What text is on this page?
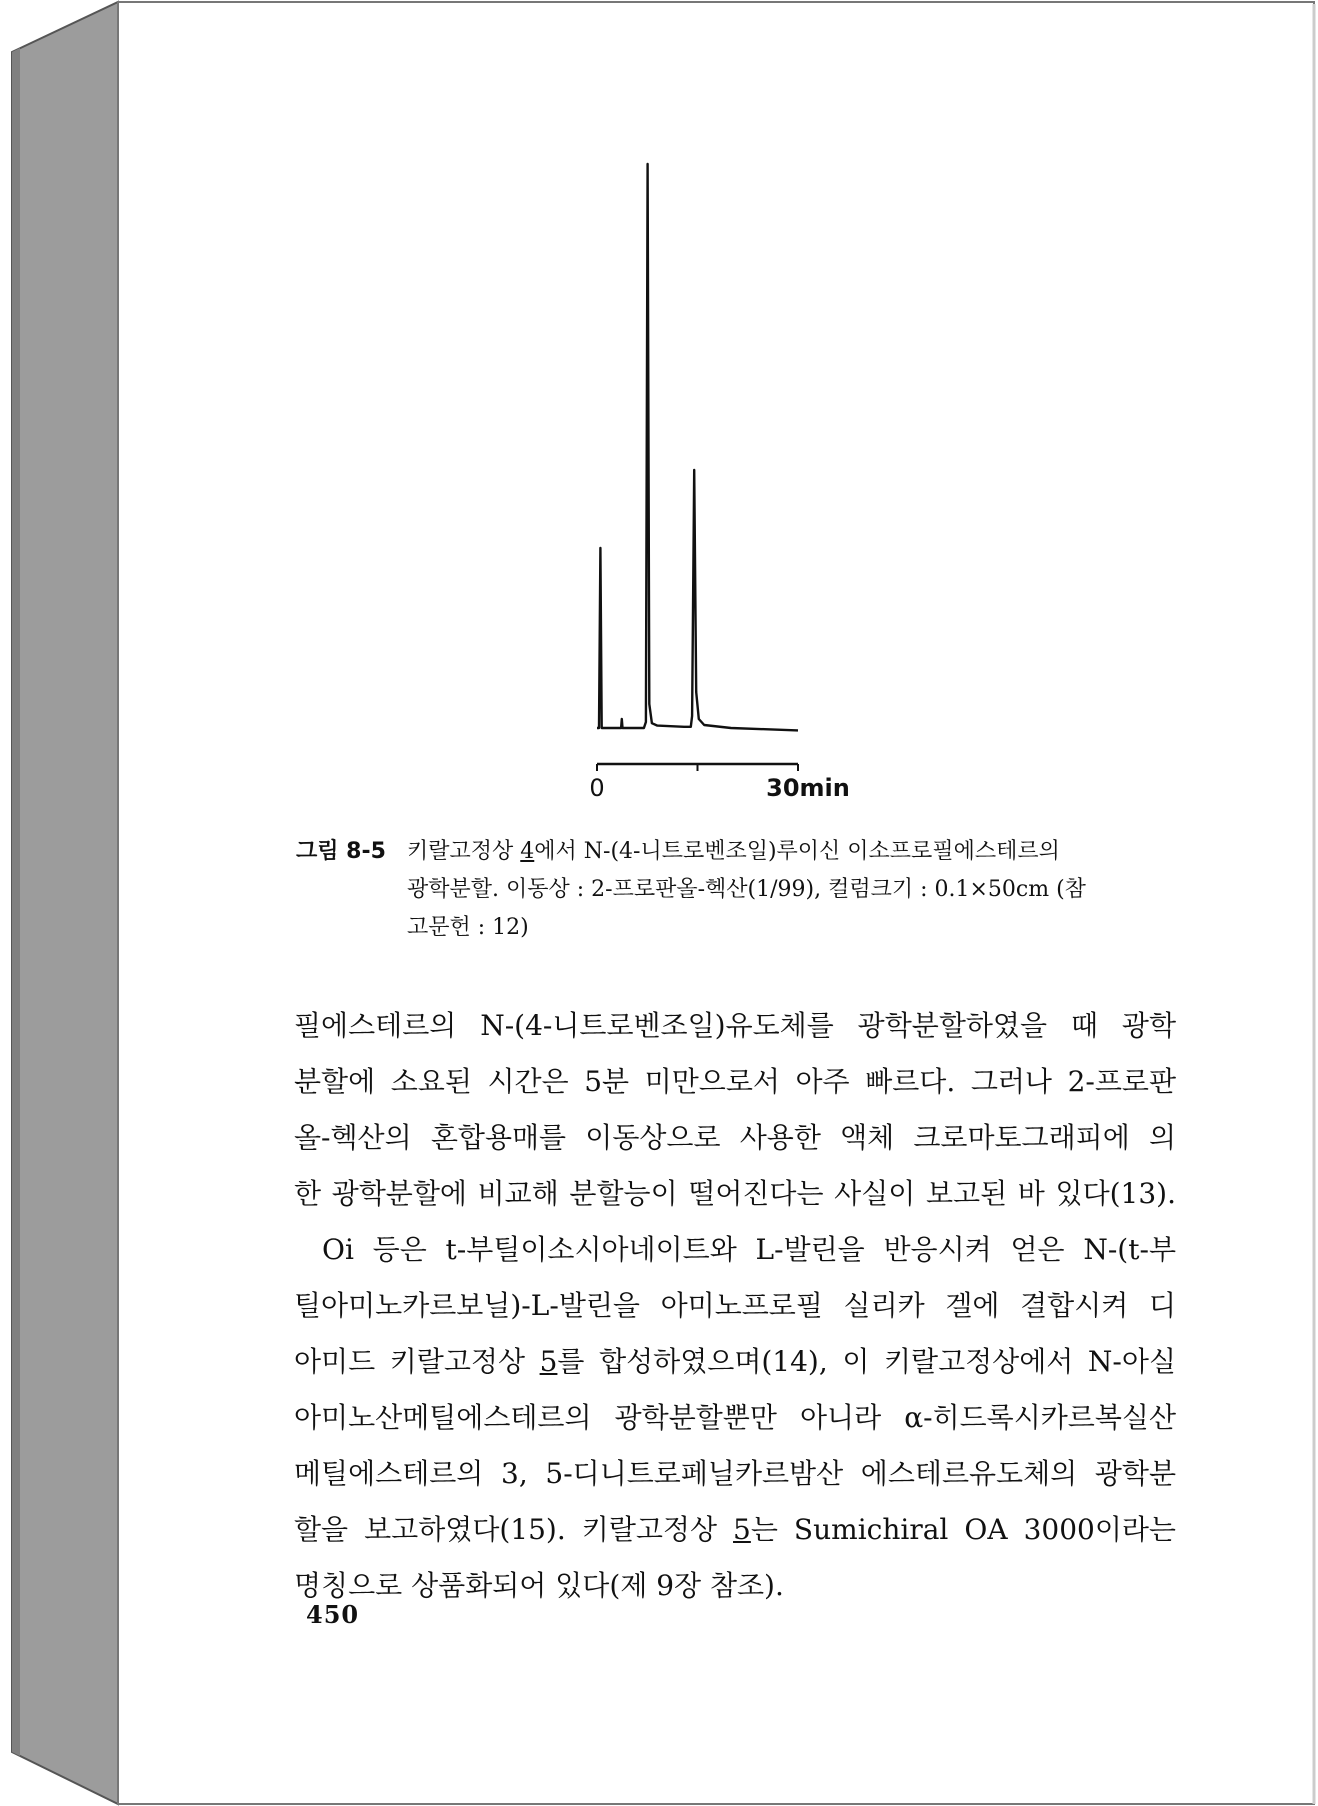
0	30min
그림 8-5 키랄고정상 4에서 N-(4-니트로벤조일)루이신 이소프로필에스테르의
광학분할. 이동상 : 2-프로판올-헥산(1/99), 컬럼크기 : 0.1×50cm (참
고문헌 : 12)
필에스테르의 N-(4-니트로벤조일)유도체를 광학분할하였을 때 광학
분할에 소요된 시간은 5분 미만으로서 아주 빠르다. 그러나 2-프로판
올-헥산의 혼합용매를 이동상으로 사용한 액체 크로마토그래피에 의
한 광학분할에 비교해 분할능이 떨어진다는 사실이 보고된 바 있다(13).
Oi 등은 t-부틸이소시아네이트와 L-발린을 반응시켜 얻은 N-(t-부
틸아미노카르보닐)-L-발린을 아미노프로필 실리카 겔에 결합시켜 디
아미드 키랄고정상 5를 합성하였으며(14), 이 키랄고정상에서 N-아실
아미노산메틸에스테르의 광학분할뿐만 아니라 α-히드록시카르복실산
메틸에스테르의 3, 5-디니트로페닐카르밤산 에스테르유도체의 광학분
할을 보고하였다(15). 키랄고정상 5는 Sumichiral OA 3000이라는
명칭으로 상품화되어 있다(제 9장 참조).
450
